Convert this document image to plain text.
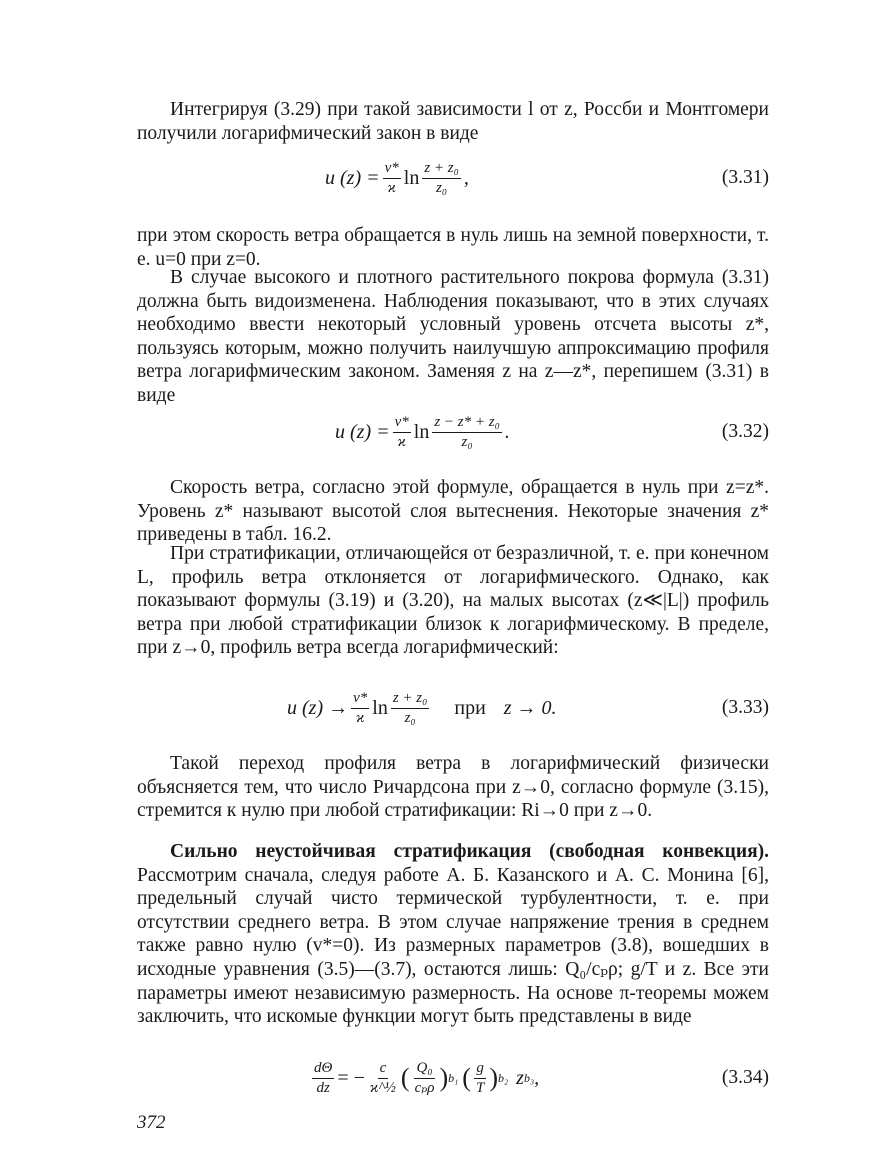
Интегрируя (3.29) при такой зависимости l от z, Россби и Монтгомери получили логарифмический закон в виде

u $(z) = \frac{v*}{ϰ}$ $\ln \frac{\text{z + z₀}}{\text{z₀}}$ ,	(3.31)

при этом скорость ветра обращается в нуль лишь на земной поверхности, т. е. u=0 при z=0.

В случае высокого и плотного растительного покрова формула (3.31) должна быть видоизменена. Наблюдения показывают, что в этих случаях необходимо ввести некоторый условный уровень отсчета высоты z*, пользуясь которым, можно получить наилучшую аппроксимацию профиля ветра логарифмическим законом. Заменяя z на z—z*, перепишем (3.31) в виде

u $(z) = \frac{v*}{ϰ}$ $\ln \frac{\text{z − z* + z₀}}{\text{z₀}}$ .	(3.32)

Скорость ветра, согласно этой формуле, обращается в нуль при z=z*. Уровень z* называют высотой слоя вытеснения. Некоторые значения z* приведены в табл. 16.2.

При стратификации, отличающейся от безразличной, т. е. при конечном L, профиль ветра отклоняется от логарифмического. Однако, как показывают формулы (3.19) и (3.20), на малых высотах (z≪|L|) профиль ветра при любой стратификации близок к логарифмическому. В пределе, при z→0, профиль ветра всегда логарифмический:

u $(z) \to \frac{v*}{ϰ}$ $\ln \frac{\text{z + z₀}}{\text{z₀}}$ при z → 0.	(3.33)

Такой переход профиля ветра в логарифмический физически объясняется тем, что число Ричардсона при z→0, согласно формуле (3.15), стремится к нулю при любой стратификации: Ri→0 при z→0.

Сильно неустойчивая стратификация (свободная конвекция). Рассмотрим сначала, следуя работе А. Б. Казанского и А. С. Монина [6], предельный случай чисто термической турбулентности, т. е. при отсутствии среднего ветра. В этом случае напряжение трения в среднем также равно нулю (v*=0). Из размерных параметров (3.8), вошедших в исходные уравнения (3.5)—(3.7), остаются лишь: Q₀/cₚρ; g/T и z. Все эти параметры имеют независимую размерность. На основе π-теоремы можем заключить, что искомые функции могут быть представлены в виде

$\frac{d\Theta}{dz}$ = − $\frac{c}{\text{ϰ\textasciicircum{}½}}$ ( $\frac{\text{Q₀}}{\text{cₚρ}}$ ) b₁ ( $\frac{g}{T}$ ) b₂ z b₃ ,	(3.34)
372
